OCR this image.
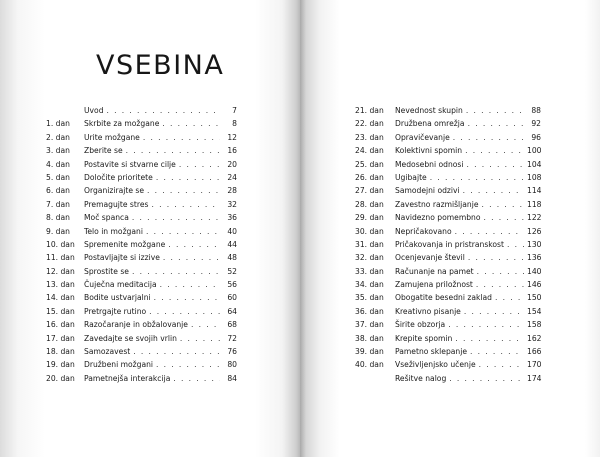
VSEBINA
Uvod . . .	7
1. dan	Skrbite za možgane . . .	8
2. dan	Urite možgane . . .	12
3. dan	Zberite se . . .	16
4. dan	Postavite si stvarne cilje . . .	20
5. dan	Določite prioritete . . .	24
6. dan	Organizirajte se . . .	28
7. dan	Premagujte stres . . .	32
8. dan	Moč spanca . . .	36
9. dan	Telo in možgani . . .	40
10. dan	Spremenite možgane . . .	44
11. dan	Postavljajte si izzive . . .	48
12. dan	Sprostite se . . .	52
13. dan	Čuječna meditacija . . .	56
14. dan	Bodite ustvarjalni . . .	60
15. dan	Pretrgajte rutino . . .	64
16. dan	Razočaranje in obžalovanje . . .	68
17. dan	Zavedajte se svojih vrlin . . .	72
18. dan	Samozavest . . .	76
19. dan	Družbeni možgani . . .	80
20. dan	Pametnejša interakcija . . .	84
21. dan	Nevednost skupin . . .	88
22. dan	Družbena omrežja . . .	92
23. dan	Opravičevanje . . .	96
24. dan	Kolektivni spomin . . .	100
25. dan	Medosebni odnosi . . .	104
26. dan	Ugibajte . . .	108
27. dan	Samodejni odzivi . . .	114
28. dan	Zavestno razmišljanje . . .	118
29. dan	Navidezno pomembno . . .	122
30. dan	Nepričakovano . . .	126
31. dan	Pričakovanja in pristranskost . . .	130
32. dan	Ocenjevanje števil . . .	136
33. dan	Računanje na pamet . . .	140
34. dan	Zamujena priložnost . . .	146
35. dan	Obogatite besedni zaklad . . .	150
36. dan	Kreativno pisanje . . .	154
37. dan	Širite obzorja . . .	158
38. dan	Krepite spomin . . .	162
39. dan	Pametno sklepanje . . .	166
40. dan	Vseživljenjsko učenje . . .	170
Rešitve nalog . . .	174
